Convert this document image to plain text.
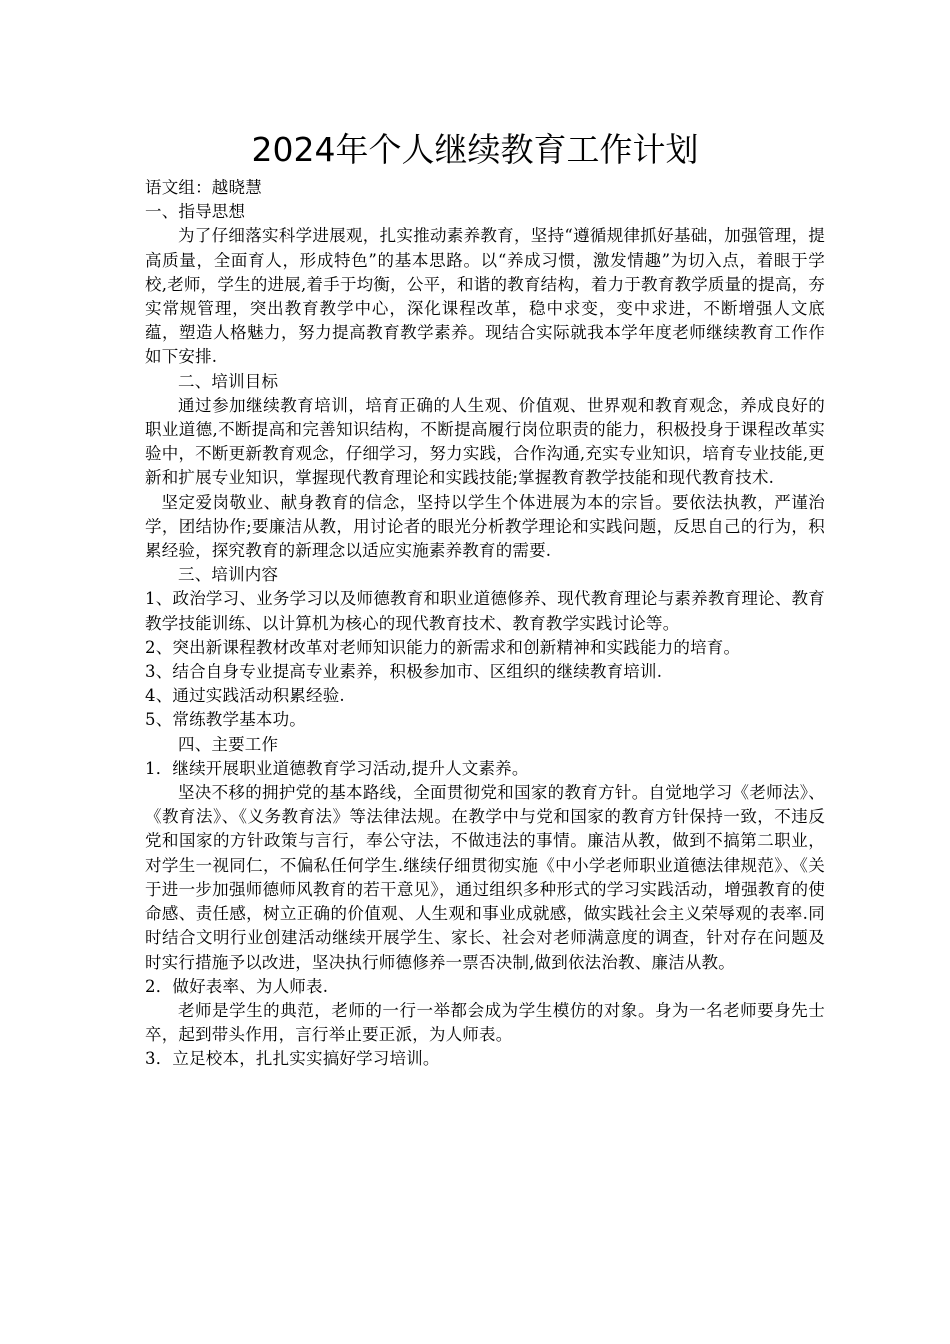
2024年个人继续教育工作计划

语文组：越晓慧

一、指导思想

为了仔细落实科学进展观，扎实推动素养教育，坚持“遵循规律抓好基础，加强管理，提高质量，全面育人，形成特色”的基本思路。以“养成习惯，激发情趣”为切入点，着眼于学校,老师，学生的进展,着手于均衡，公平，和谐的教育结构，着力于教育教学质量的提高，夯实常规管理，突出教育教学中心，深化课程改革，稳中求变，变中求进，不断增强人文底蕴，塑造人格魅力，努力提高教育教学素养。现结合实际就我本学年度老师继续教育工作作如下安排.

二、培训目标

通过参加继续教育培训，培育正确的人生观、价值观、世界观和教育观念，养成良好的职业道德,不断提高和完善知识结构，不断提高履行岗位职责的能力，积极投身于课程改革实验中，不断更新教育观念，仔细学习，努力实践，合作沟通,充实专业知识，培育专业技能,更新和扩展专业知识，掌握现代教育理论和实践技能;掌握教育教学技能和现代教育技术.

坚定爱岗敬业、献身教育的信念，坚持以学生个体进展为本的宗旨。要依法执教，严谨治学，团结协作;要廉洁从教，用讨论者的眼光分析教学理论和实践问题，反思自己的行为，积累经验，探究教育的新理念以适应实施素养教育的需要.

三、培训内容

1、政治学习、业务学习以及师德教育和职业道德修养、现代教育理论与素养教育理论、教育教学技能训练、以计算机为核心的现代教育技术、教育教学实践讨论等。

2、突出新课程教材改革对老师知识能力的新需求和创新精神和实践能力的培育。

3、结合自身专业提高专业素养，积极参加市、区组织的继续教育培训.

4、通过实践活动积累经验.

5、常练教学基本功。

四、主要工作

1．继续开展职业道德教育学习活动,提升人文素养。

坚决不移的拥护党的基本路线，全面贯彻党和国家的教育方针。自觉地学习《老师法》、《教育法》、《义务教育法》等法律法规。在教学中与党和国家的教育方针保持一致，不违反党和国家的方针政策与言行，奉公守法，不做违法的事情。廉洁从教，做到不搞第二职业，对学生一视同仁，不偏私任何学生.继续仔细贯彻实施《中小学老师职业道德法律规范》、《关于进一步加强师德师风教育的若干意见》，通过组织多种形式的学习实践活动，增强教育的使命感、责任感，树立正确的价值观、人生观和事业成就感，做实践社会主义荣辱观的表率.同时结合文明行业创建活动继续开展学生、家长、社会对老师满意度的调查，针对存在问题及时实行措施予以改进，坚决执行师德修养一票否决制,做到依法治教、廉洁从教。

2．做好表率、为人师表.

老师是学生的典范，老师的一行一举都会成为学生模仿的对象。身为一名老师要身先士卒，起到带头作用，言行举止要正派，为人师表。

3．立足校本，扎扎实实搞好学习培训。
